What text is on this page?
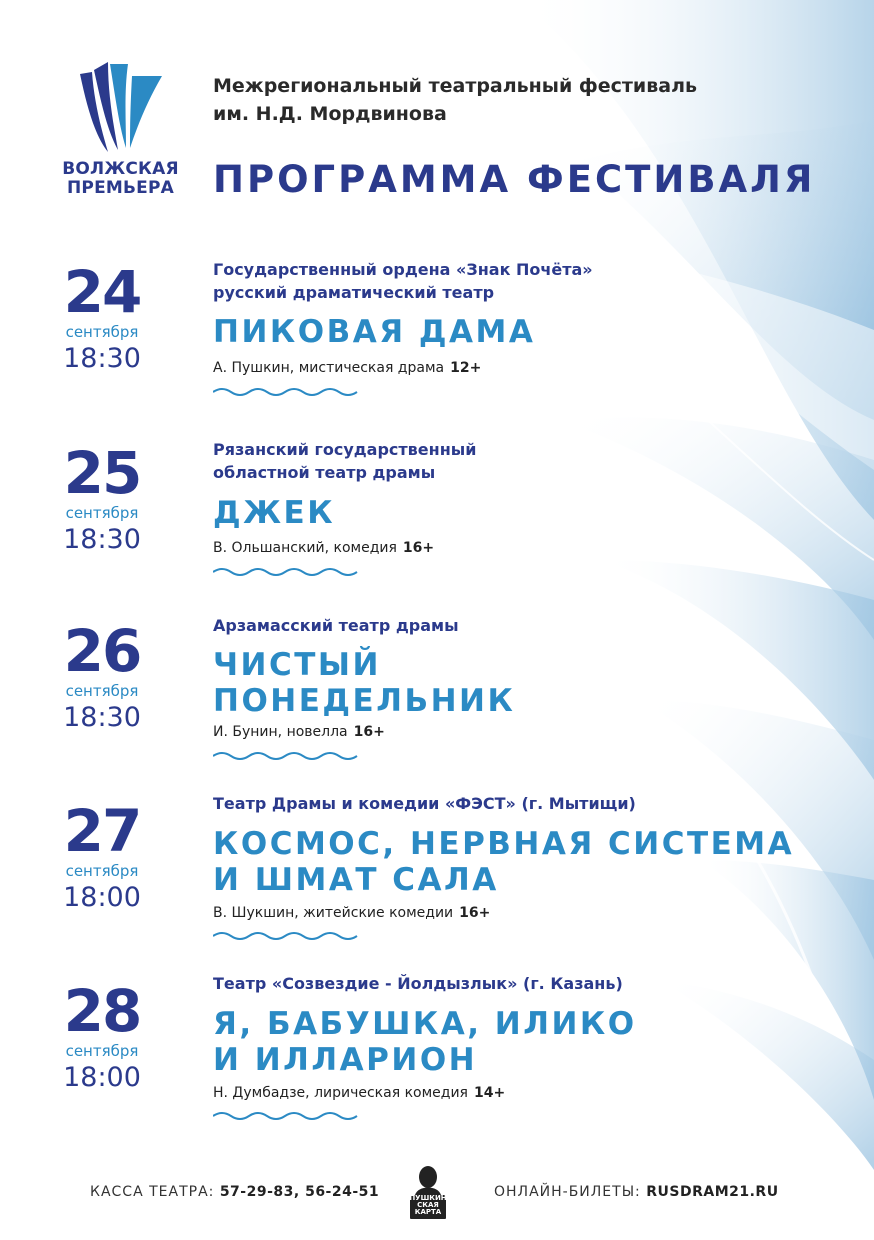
ВОЛЖСКАЯ
ПРЕМЬЕРА
Межрегиональный театральный фестиваль
им. Н.Д. Мордвинова
ПРОГРАММА ФЕСТИВАЛЯ
24
сентября
18:30
Государственный ордена «Знак Почёта»
русский драматический театр
ПИКОВАЯ ДАМА
А. Пушкин, мистическая драма 12+
25
сентября
18:30
Рязанский государственный
областной театр драмы
ДЖЕК
В. Ольшанский, комедия 16+
26
сентября
18:30
Арзамасский театр драмы
ЧИСТЫЙ
ПОНЕДЕЛЬНИК
И. Бунин, новелла 16+
27
сентября
18:00
Театр Драмы и комедии «ФЭСТ» (г. Мытищи)
КОСМОС, НЕРВНАЯ СИСТЕМА
И ШМАТ САЛА
В. Шукшин, житейские комедии 16+
28
сентября
18:00
Театр «Созвездие - Йолдызлык» (г. Казань)
Я, БАБУШКА, ИЛИКО
И ИЛЛАРИОН
Н. Думбадзе, лирическая комедия 14+
КАССА ТЕАТРА: 57-29-83, 56-24-51	ПУШКИН
СКАЯ
КАРТА
ОНЛАЙН-БИЛЕТЫ: RUSDRAM21.RU
